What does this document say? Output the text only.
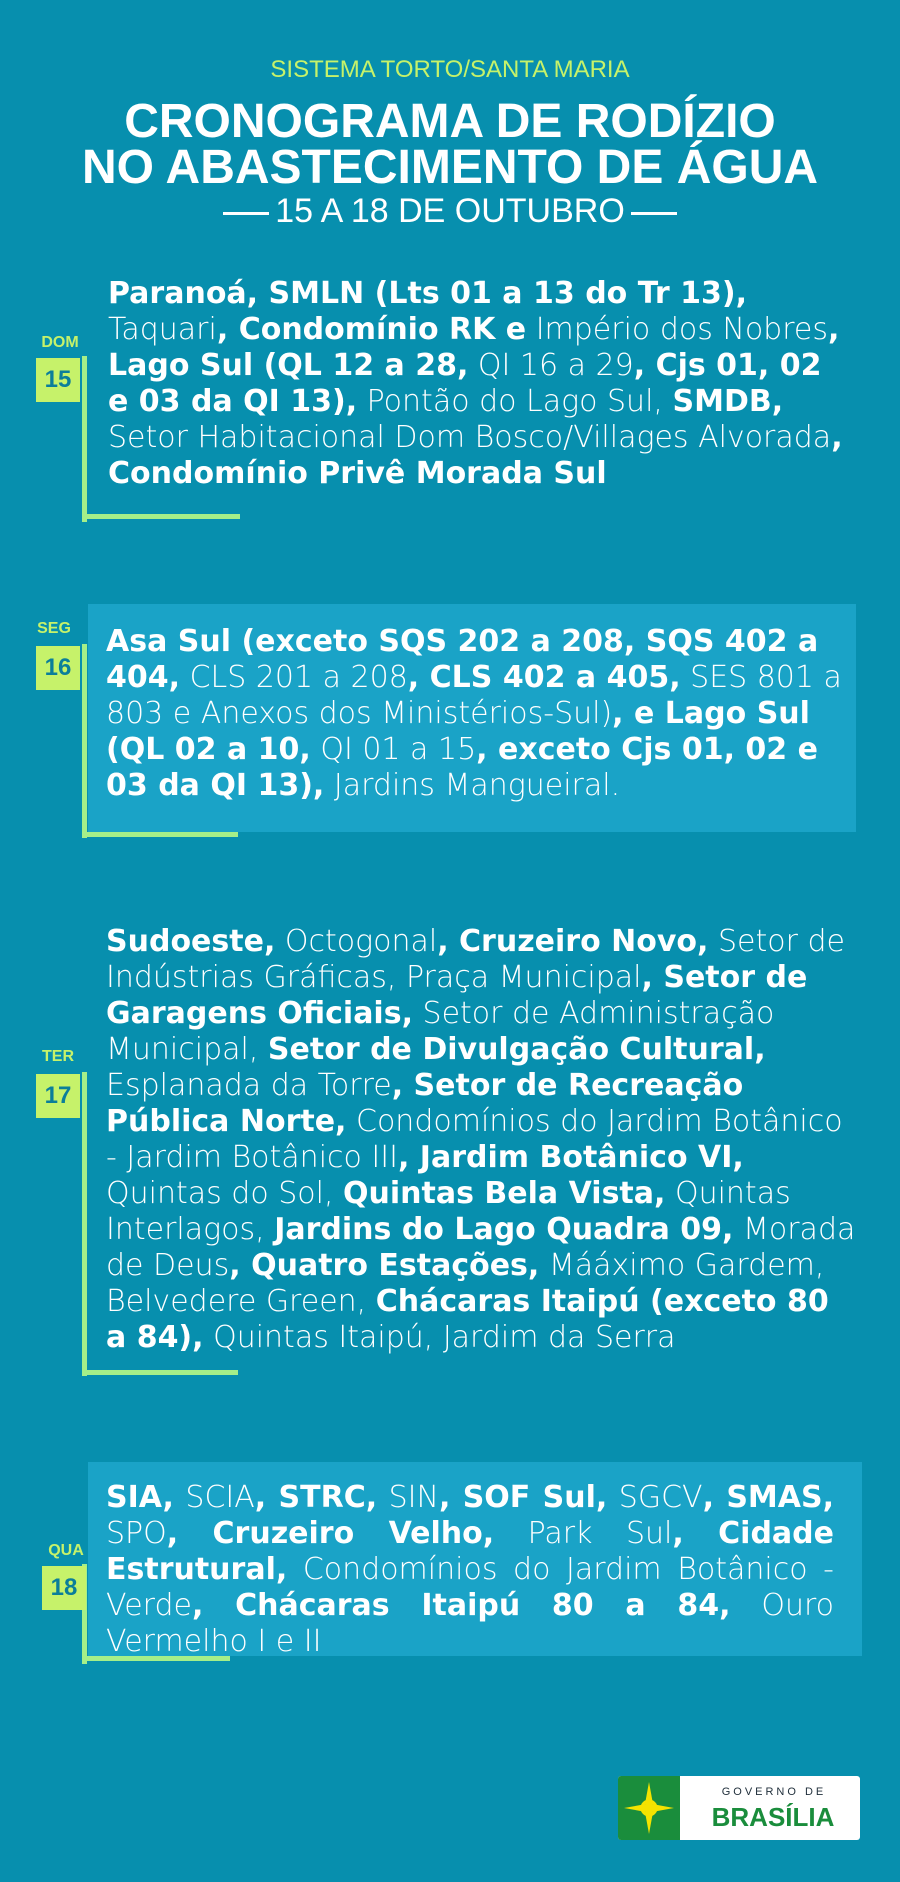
SISTEMA TORTO/SANTA MARIA
CRONOGRAMA DE RODÍZIO
NO ABASTECIMENTO DE ÁGUA
15 A 18 DE OUTUBRO
DOM
15
Paranoá, SMLN (Lts 01 a 13 do Tr 13), Taquari, Condomínio RK e Império dos Nobres, Lago Sul (QL 12 a 28, QI 16 a 29, Cjs 01, 02 e 03 da QI 13), Pontão do Lago Sul, SMDB, Setor Habitacional Dom Bosco/Villages Alvorada, Condomínio Privê Morada Sul
SEG
16
Asa Sul (exceto SQS 202 a 208, SQS 402 a 404, CLS 201 a 208, CLS 402 a 405, SES 801 a 803 e Anexos dos Ministérios-Sul), e Lago Sul (QL 02 a 10, QI 01 a 15, exceto Cjs 01, 02 e 03 da QI 13), Jardins Mangueiral.
TER
17
Sudoeste, Octogonal, Cruzeiro Novo, Setor de Indústrias Gráficas, Praça Municipal, Setor de Garagens Oficiais, Setor de Administração Municipal, Setor de Divulgação Cultural, Esplanada da Torre, Setor de Recreação Pública Norte, Condomínios do Jardim Botânico - Jardim Botânico III, Jardim Botânico VI, Quintas do Sol, Quintas Bela Vista, Quintas Interlagos, Jardins do Lago Quadra 09, Morada de Deus, Quatro Estações, Mááximo Gardem, Belvedere Green, Chácaras Itaipú (exceto 80 a 84), Quintas Itaipú, Jardim da Serra
QUA
18
SIA, SCIA, STRC, SIN, SOF Sul, SGCV, SMAS, SPO, Cruzeiro Velho, Park Sul, Cidade Estrutural, Condomínios do Jardim Botânico - Verde, Chácaras Itaipú 80 a 84, Ouro Vermelho I e II
GOVERNO DE
BRASÍLIA
